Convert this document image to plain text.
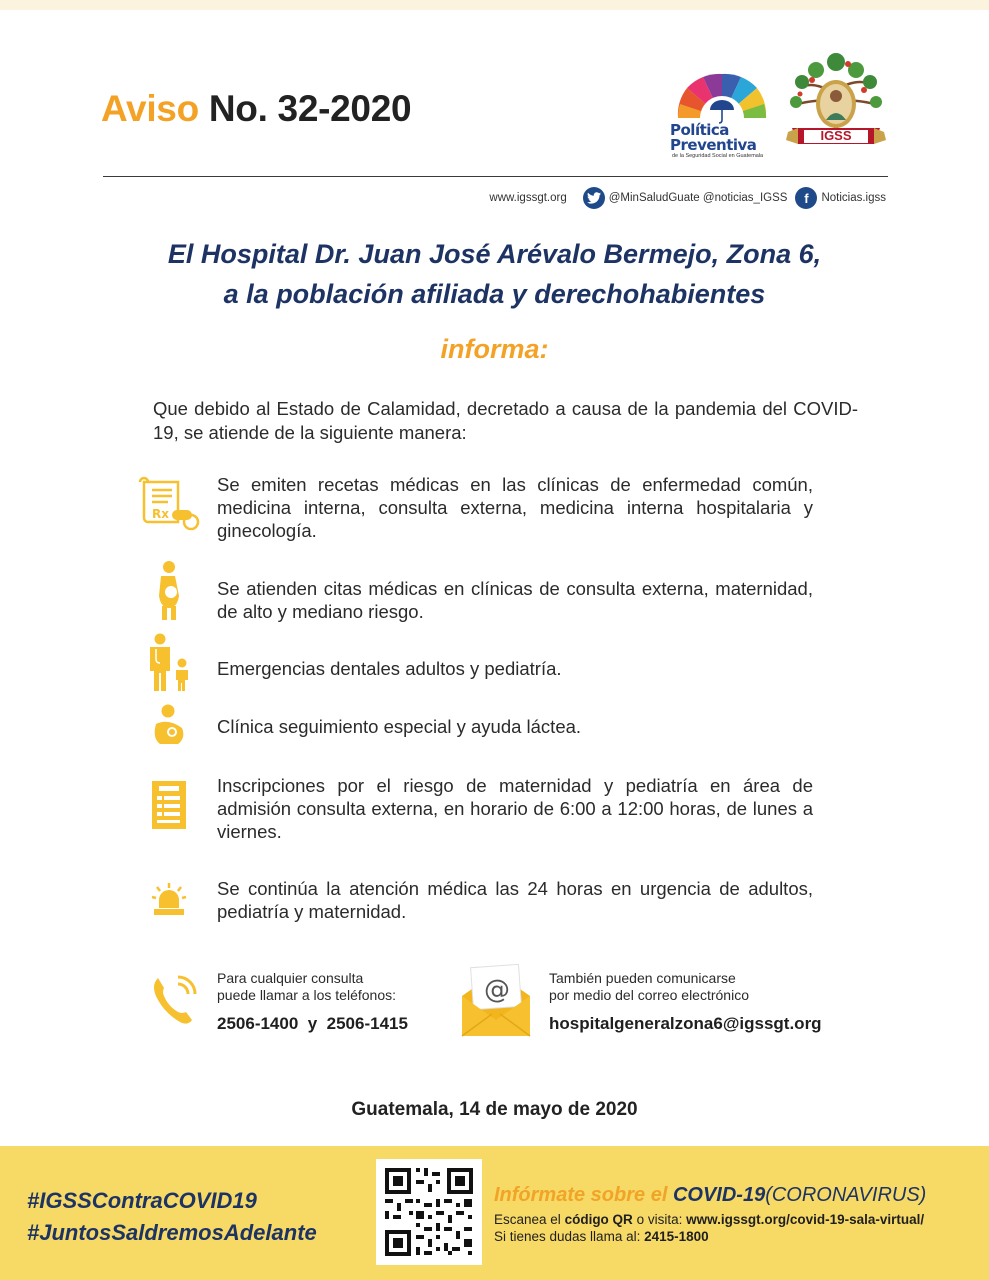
Aviso No. 32-2020
Política
Preventiva
de la Seguridad Social en Guatemala
IGSS
www.igssgt.org	@MinSaludGuate @noticias_IGSS	f	Noticias.igss
El Hospital Dr. Juan José Arévalo Bermejo, Zona 6,
a la población afiliada y derechohabientes
informa:
Que debido al Estado de Calamidad, decretado a causa de la pandemia del COVID-19, se atiende de la siguiente manera:
Rx
Se emiten recetas médicas en las clínicas de enfermedad común, medicina interna, consulta externa, medicina interna hospitalaria y ginecología.
Se atienden citas médicas en clínicas de consulta externa, maternidad, de alto y mediano riesgo.
Emergencias dentales adultos y pediatría.
Clínica seguimiento especial y ayuda láctea.
Inscripciones por el riesgo de maternidad y pediatría en área de admisión consulta externa, en horario de 6:00 a 12:00 horas, de lunes a viernes.
Se continúa la atención médica las 24 horas en urgencia de adultos, pediatría y maternidad.
Para cualquier consulta
puede llamar a los teléfonos:
2506-1400  y  2506-1415
@	También pueden comunicarse
por medio del correo electrónico
hospitalgeneralzona6@igssgt.org
Guatemala, 14 de mayo de 2020
#IGSSContraCOVID19
#JuntosSaldremosAdelante
Infórmate sobre el COVID-19(CORONAVIRUS)
Escanea el código QR o visita: www.igssgt.org/covid-19-sala-virtual/
Si tienes dudas llama al: 2415-1800
